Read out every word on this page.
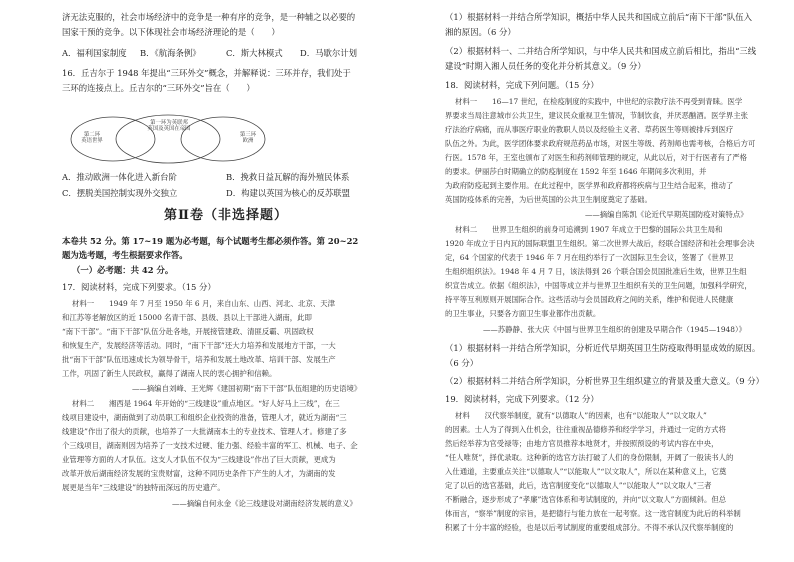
济无法克服的，社会市场经济中的竞争是一种有序的竞争，是一种辅之以必要的
国家干预的竞争。以下体现社会市场经济理论的是（　　）
A．福利国家制度 B．《航海条例》	C．斯大林模式 D．马歇尔计划
16．丘吉尔于 1948 年提出“三环外交”概念，并解释说：三环并存，我们处于
三环的连接点上。丘吉尔的“三环外交”旨在（　　）
第二环
英语世界
第一环为英联邦
英国及英国在帝国
第三环
欧洲
A．推动欧洲一体化进入新台阶	B．挽救日益瓦解的海外殖民体系
C．摆脱美国控制实现外交独立	D．构建以英国为核心的反苏联盟
第Ⅱ卷（非选择题）
本卷共 52 分。第 17~19 题为必考题，每个试题考生都必须作答。第 20~22
题为选考题，考生根据要求作答。
（一）必考题：共 42 分。
17．阅读材料，完成下列要求。（15 分）
材料一　　1949 年 7 月至 1950 年 6 月，来自山东、山西、河北、北京、天津
和江苏等老解放区的近 15000 名青干部、县级、县以上干部进入湖南，此即
“南下干部”。“南下干部”队伍分赴各地，开展接管建政、清匪反霸、巩固政权
和恢复生产，发展经济等活动。同时，“南下干部”还大力培养和发展地方干部，一大
批“南下干部”队伍迅速成长为领导骨干，培养和发展土地改革、培训干部、发展生产
工作，巩固了新生人民政权，赢得了湖南人民的衷心拥护和信赖。
——摘编自刘峰、王光辉《建国初期“南下干部”队伍组建的历史语境》
材料二　　湘西是 1964 年开始的“三线建设”重点地区。“好人好马上三线”，在三
线项目建设中，湖南做到了动员职工和组织企业投资的准备，管理人才，就近为湖南“三
线建设”作出了很大的贡献，也培养了一大批湖南本土的专业技术、管理人才。修建了多
个三线项目，湖南则因为培养了一支技术过硬、能力强、经验丰富的军工、机械、电子、企
业管理等方面的人才队伍。这支人才队伍不仅为“三线建设”作出了巨大贡献，更成为
改革开放后湖南经济发展的宝贵财富，这种不同历史条件下产生的人才，为湖南的发
展更是当年“三线建设”的独特而深远的历史遗产。
——摘编自何永金《论三线建设对湖南经济发展的意义》
（1）根据材料一并结合所学知识，概括中华人民共和国成立前后“南下干部”队伍入
湘的原因。（6 分）
（2）根据材料一、二并结合所学知识，与中华人民共和国成立前后相比，指出“三线
建设”时期入湘人员任务的变化并分析其意义。（9 分）
18．阅读材料，完成下列问题。（15 分）
材料一　　16—17 世纪，在检疫制度的实践中，中世纪的宗教疗法不再受到青睐。医学
界要求当局注意城市公共卫生，建议民众重视卫生情况，节制饮食，并厌恶酗酒。医学界主张
疗法治疗病痛，而从事医疗职业的教职人员以及经验主义者、草药医生等则被排斥到医疗
队伍之外。为此，医学团体要求政府规范药品市场，对医生等级、药剂师也需考核，合格后方可
行医。1578 年，王室也颁布了对医生和药剂师管理的规定，从此以后，对于行医者有了严格
的要求。伊丽莎白时期确立的防疫制度在 1592 年至 1646 年期间多次利用，并
为政府防疫起到主要作用。在此过程中，医学界和政府都将疾病与卫生结合起来，推动了
英国防疫体系的完善，为后世英国的公共卫生制度奠定了基础。
——摘编自陈凯《论近代早期英国防疫对策特点》
材料二　　世界卫生组织的前身可追溯到 1907 年成立于巴黎的国际公共卫生局和
1920 年成立于日内瓦的国际联盟卫生组织。第二次世界大战后，经联合国经济和社会理事会决
定，64 个国家的代表于 1946 年 7 月在纽约举行了一次国际卫生会议，签署了《世界卫
生组织组织法》。1948 年 4 月 7 日，该法得到 26 个联合国会员国批准后生效，世界卫生组
织宣告成立。依据《组织法》，中国等成立并与世界卫生组织有关的卫生问题，加强科学研究，
持平等互利原则开展国际合作。这些活动与会员国政府之间的关系，维护和促进人民健康
的卫生事业，只要各方面卫生事业都作出贡献。
——苏静静、张大庆《中国与世界卫生组织的创建及早期合作（1945—1948）》
（1）根据材料一并结合所学知识，分析近代早期英国卫生防疫取得明显成效的原因。
（6 分）
（2）根据材料二并结合所学知识，分析世界卫生组织建立的背景及重大意义。（9 分）
19．阅读材料，完成下列要求。（12 分）
材料　　汉代察举制度，就有“以德取人”的因素，也有“以能取人”“以文取人”
的因素。士人为了得到入仕机会，往往重视品德修养和经学学习，并通过一定的方式将
然后经举荐为官受禄等；由地方官员推荐本地贤才，并按照预设的考试内容在中央，
“任人唯贤”，择优录取。这种新的选官方法打破了人们的身份限制，开阔了一般读书人的
入仕通道，主要重点关注“以德取人”“以能取人”“以文取人”，所以在某种意义上，它奠
定了以后的选官基础，此后，选官制度变化“以德取人”“以能取人”“以文取人”三者
不断融合，逐步形成了“孝廉”选官体系和考试制度的，并向“以文取人”方面倾斜。但总
体而言，“察举”制度的宗旨，是把德行与能力放在一起考察。这一选官制度为此后的科举制
积累了十分丰富的经验，也是以后考试制度的重要组成部分。不得不承认汉代察举制度的
